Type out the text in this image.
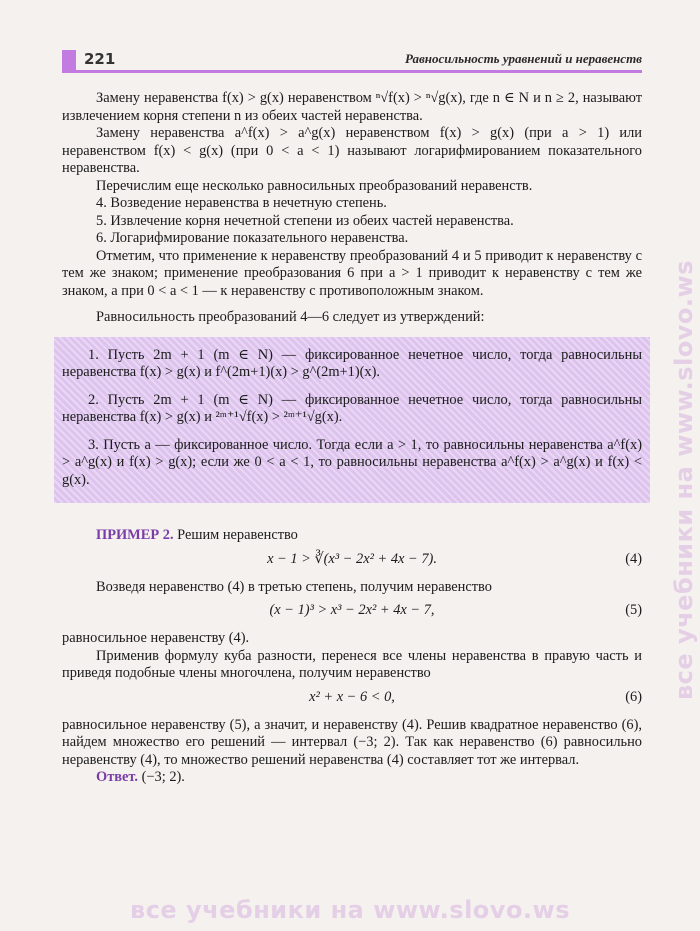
221	Равносильность уравнений и неравенств

Замену неравенства f(x) > g(x) неравенством ⁿ√f(x) > ⁿ√g(x), где n ∈ N и n ≥ 2, называют извлечением корня степени n из обеих частей неравенства.

Замену неравенства a^f(x) > a^g(x) неравенством f(x) > g(x) (при a > 1) или неравенством f(x) < g(x) (при 0 < a < 1) называют логарифмированием показательного неравенства.

Перечислим еще несколько равносильных преобразований неравенств.

4. Возведение неравенства в нечетную степень.

5. Извлечение корня нечетной степени из обеих частей неравенства.

6. Логарифмирование показательного неравенства.

Отметим, что применение к неравенству преобразований 4 и 5 приводит к неравенству с тем же знаком; применение преобразования 6 при a > 1 приводит к неравенству с тем же знаком, а при 0 < a < 1 — к неравенству с противоположным знаком.

Равносильность преобразований 4—6 следует из утверждений:

1. Пусть 2m + 1 (m ∈ N) — фиксированное нечетное число, тогда равносильны неравенства f(x) > g(x) и f^(2m+1)(x) > g^(2m+1)(x).

2. Пусть 2m + 1 (m ∈ N) — фиксированное нечетное число, тогда равносильны неравенства f(x) > g(x) и ²ᵐ⁺¹√f(x) > ²ᵐ⁺¹√g(x).

3. Пусть a — фиксированное число. Тогда если a > 1, то равносильны неравенства a^f(x) > a^g(x) и f(x) > g(x); если же 0 < a < 1, то равносильны неравенства a^f(x) > a^g(x) и f(x) < g(x).

ПРИМЕР 2. Решим неравенство

x − 1 > ∛(x³ − 2x² + 4x − 7).	(4)

Возведя неравенство (4) в третью степень, получим неравенство

(x − 1)³ > x³ − 2x² + 4x − 7,	(5)

равносильное неравенству (4).

Применив формулу куба разности, перенеся все члены неравенства в правую часть и приведя подобные члены многочлена, получим неравенство

x² + x − 6 < 0,	(6)

равносильное неравенству (5), а значит, и неравенству (4). Решив квадратное неравенство (6), найдем множество его решений — интервал (−3; 2). Так как неравенство (6) равносильно неравенству (4), то множество решений неравенства (4) составляет тот же интервал.

Ответ. (−3; 2).

все учебники на www.slovo.ws
все учебники на www.slovo.ws
